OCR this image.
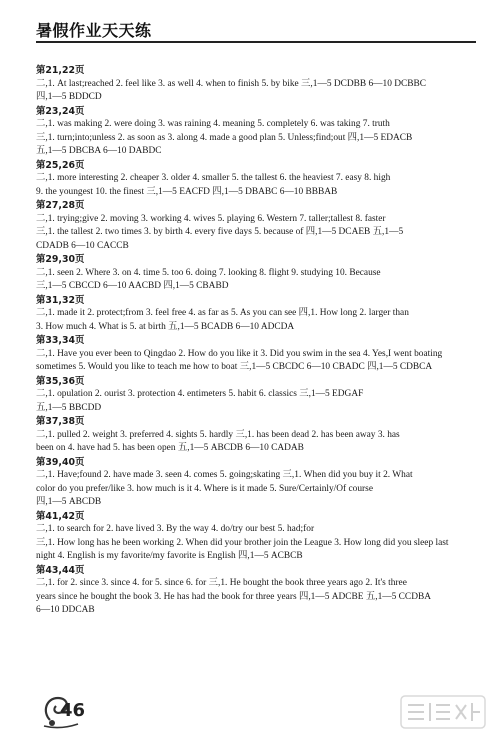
暑假作业天天练
第21,22页
二,1. At last;reached 2. feel like 3. as well 4. when to finish 5. by bike 三,1—5 DCDBB 6—10 DCBBC
四,1—5 BDDCD
第23,24页
二,1. was making 2. were doing 3. was raining 4. meaning 5. completely 6. was taking 7. truth
三,1. turn;into;unless 2. as soon as 3. along 4. made a good plan 5. Unless;find;out 四,1—5 EDACB
五,1—5 DBCBA 6—10 DABDC
第25,26页
二,1. more interesting 2. cheaper 3. older 4. smaller 5. the tallest 6. the heaviest 7. easy 8. high
9. the youngest 10. the finest 三,1—5 EACFD 四,1—5 DBABC 6—10 BBBAB
第27,28页
二,1. trying;give 2. moving 3. working 4. wives 5. playing 6. Western 7. taller;tallest 8. faster
三,1. the tallest 2. two times 3. by birth 4. every five days 5. because of 四,1—5 DCAEB 五,1—5
CDADB 6—10 CACCB
第29,30页
二,1. seen 2. Where 3. on 4. time 5. too 6. doing 7. looking 8. flight 9. studying 10. Because
三,1—5 CBCCD 6—10 AACBD 四,1—5 CBABD
第31,32页
二,1. made it 2. protect;from 3. feel free 4. as far as 5. As you can see 四,1. How long 2. larger than
3. How much 4. What is 5. at birth 五,1—5 BCADB 6—10 ADCDA
第33,34页
二,1. Have you ever been to Qingdao 2. How do you like it 3. Did you swim in the sea 4. Yes,I went boating
sometimes 5. Would you like to teach me how to boat 三,1—5 CBCDC 6—10 CBADC 四,1—5 CDBCA
第35,36页
二,1. opulation 2. ourist 3. protection 4. entimeters 5. habit 6. classics 三,1—5 EDGAF
五,1—5 BBCDD
第37,38页
二,1. pulled 2. weight 3. preferred 4. sights 5. hardly 三,1. has been dead 2. has been away 3. has
been on 4. have had 5. has been open 五,1—5 ABCDB 6—10 CADAB
第39,40页
二,1. Have;found 2. have made 3. seen 4. comes 5. going;skating 三,1. When did you buy it 2. What
color do you prefer/like 3. how much is it 4. Where is it made 5. Sure/Certainly/Of course
四,1—5 ABCDB
第41,42页
二,1. to search for 2. have lived 3. By the way 4. do/try our best 5. had;for
三,1. How long has he been working 2. When did your brother join the League 3. How long did you sleep last
night 4. English is my favorite/my favorite is English 四,1—5 ACBCB
第43,44页
二,1. for 2. since 3. since 4. for 5. since 6. for 三,1. He bought the book three years ago 2. It's three
years since he bought the book 3. He has had the book for three years 四,1—5 ADCBE 五,1—5 CCDBA
6—10 DDCAB
46
